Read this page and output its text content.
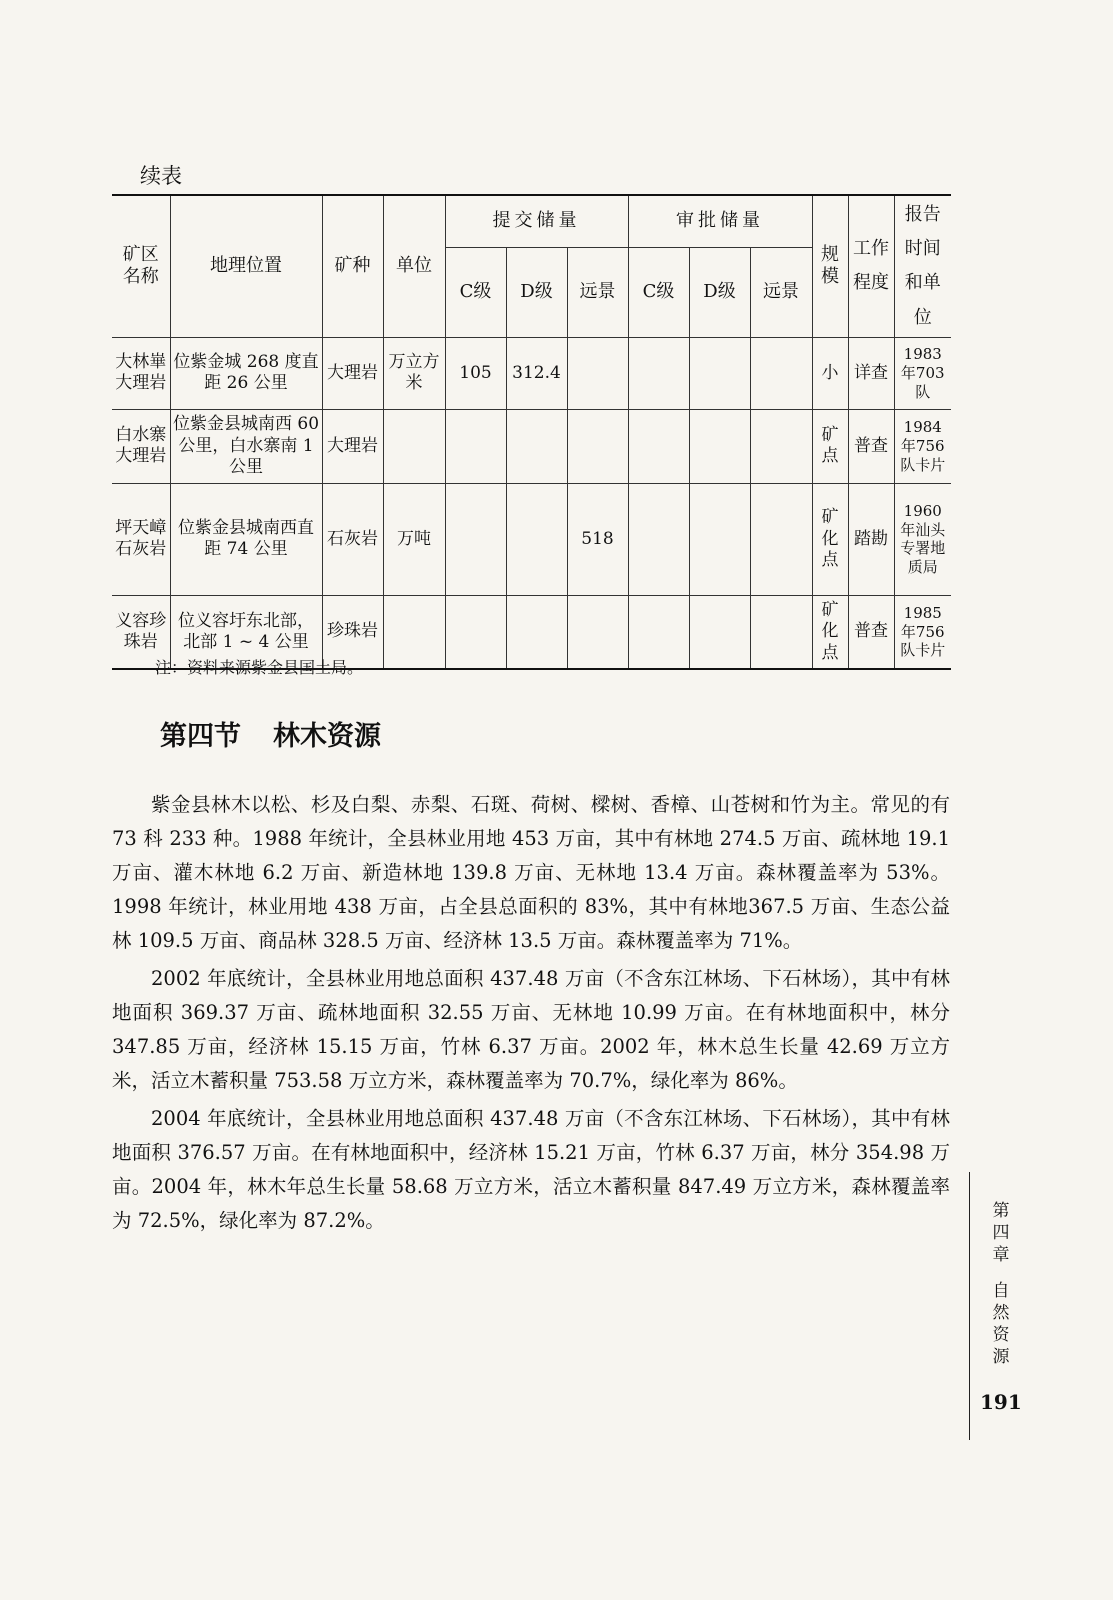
续表
矿区名称	地理位置	矿种	单位	提交储量			审批储量			规模	工作程度	报告时间和单位
				C级	D级	远景	C级	D级	远景			
大林崋大理岩	位紫金城 268 度直距 26 公里	大理岩	万立方米	105	312.4					小	详查	1983年703队
白水寨大理岩	位紫金县城南西 60 公里，白水寨南 1 公里	大理岩								矿点	普查	1984年756队卡片
坪天嶂石灰岩	位紫金县城南西直距 74 公里	石灰岩	万吨			518				矿化点	踏勘	1960年汕头专署地质局
义容珍珠岩	位义容圩东北部，北部 1 ~ 4 公里	珍珠岩								矿化点	普查	1985年756队卡片
注：资料来源紫金县国土局。
第四节 林木资源

紫金县林木以松、杉及白梨、赤梨、石斑、荷树、樑树、香樟、山苍树和竹为主。常见的有 73 科 233 种。1988 年统计，全县林业用地 453 万亩，其中有林地 274.5 万亩、疏林地 19.1 万亩、灌木林地 6.2 万亩、新造林地 139.8 万亩、无林地 13.4 万亩。森林覆盖率为 53%。1998 年统计，林业用地 438 万亩，占全县总面积的 83%，其中有林地367.5 万亩、生态公益林 109.5 万亩、商品林 328.5 万亩、经济林 13.5 万亩。森林覆盖率为 71%。

2002 年底统计，全县林业用地总面积 437.48 万亩（不含东江林场、下石林场），其中有林地面积 369.37 万亩、疏林地面积 32.55 万亩、无林地 10.99 万亩。在有林地面积中，林分 347.85 万亩，经济林 15.15 万亩，竹林 6.37 万亩。2002 年，林木总生长量 42.69 万立方米，活立木蓄积量 753.58 万立方米，森林覆盖率为 70.7%，绿化率为 86%。

2004 年底统计，全县林业用地总面积 437.48 万亩（不含东江林场、下石林场），其中有林地面积 376.57 万亩。在有林地面积中，经济林 15.21 万亩，竹林 6.37 万亩，林分 354.98 万亩。2004 年，林木年总生长量 58.68 万立方米，活立木蓄积量 847.49 万立方米，森林覆盖率为 72.5%，绿化率为 87.2%。	第四章
自然资源
191
